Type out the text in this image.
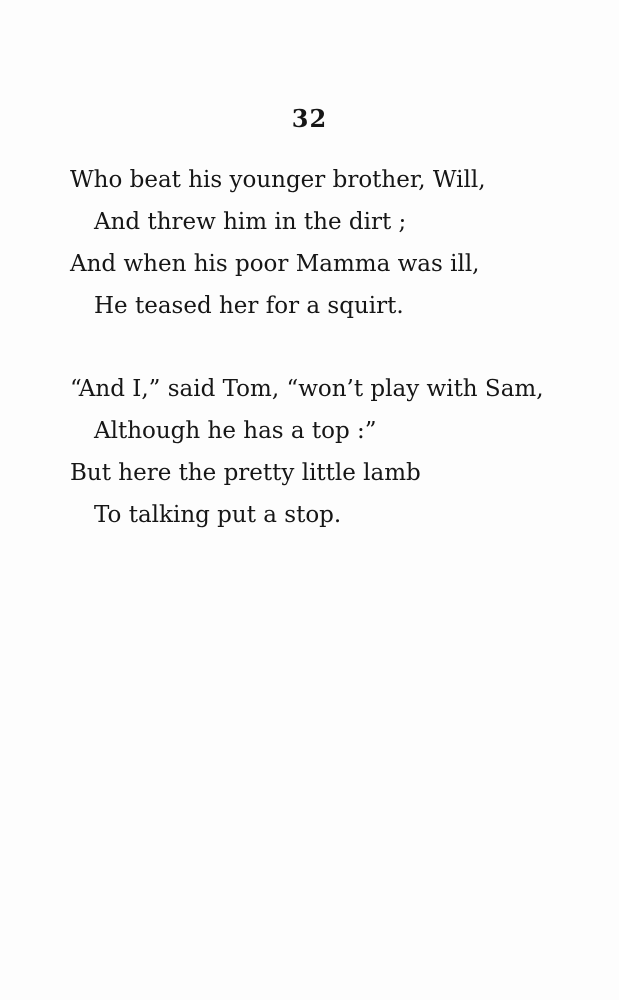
32
Who beat his younger brother, Will,
And threw him in the dirt ;
And when his poor Mamma was ill,
He teased her for a squirt.
“And I,” said Tom, “won’t play with Sam,
Although he has a top :”
But here the pretty little lamb
To talking put a stop.
